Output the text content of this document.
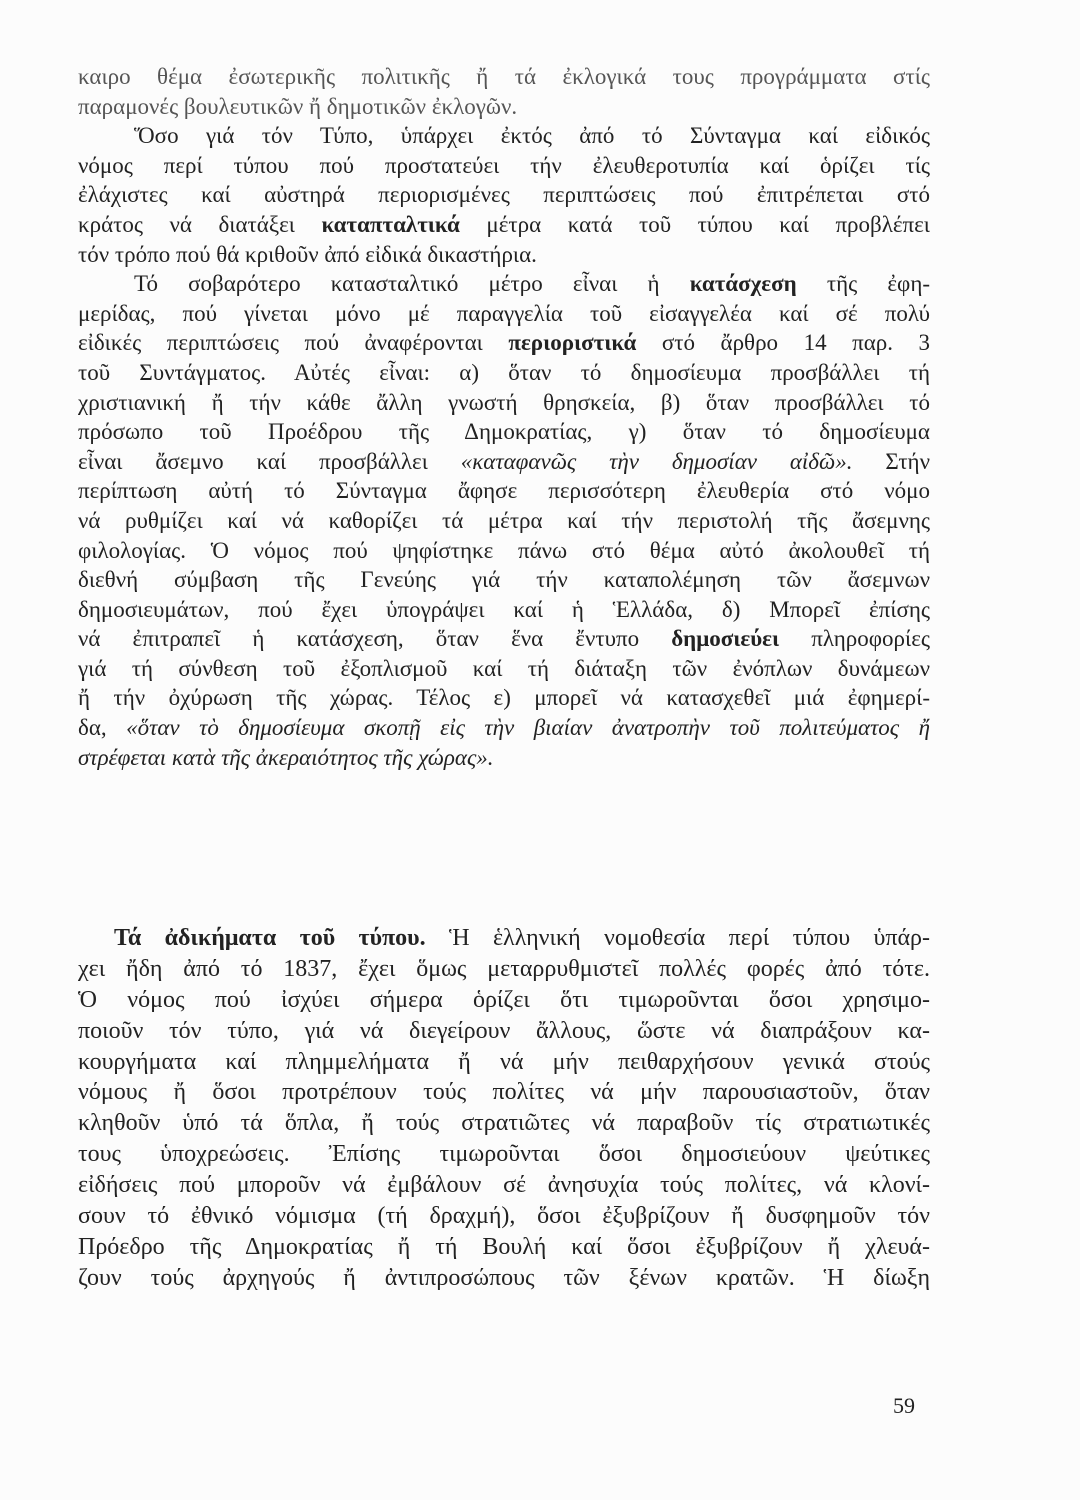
καιρο θέμα ἐσωτερικῆς πολιτικῆς ἤ τά ἐκλογικά τους προγράμματα στίς
παραμονές βουλευτικῶν ἤ δημοτικῶν ἐκλογῶν.
Ὅσο γιά τόν Τύπο, ὑπάρχει ἐκτός ἀπό τό Σύνταγμα καί εἰδικός
νόμος περί τύπου πού προστατεύει τήν ἐλευθεροτυπία καί ὁρίζει τίς
ἐλάχιστες καί αὐστηρά περιορισμένες περιπτώσεις πού ἐπιτρέπεται στό
κράτος νά διατάξει καταπταλτικά μέτρα κατά τοῦ τύπου καί προβλέπει
τόν τρόπο πού θά κριθοῦν ἀπό εἰδικά δικαστήρια.
Τό σοβαρότερο κατασταλτικό μέτρο εἶναι ἡ κατάσχεση τῆς ἐφη-
μερίδας, πού γίνεται μόνο μέ παραγγελία τοῦ εἰσαγγελέα καί σέ πολύ
εἰδικές περιπτώσεις πού ἀναφέρονται περιοριστικά στό ἄρθρο 14 παρ. 3
τοῦ Συντάγματος. Αὐτές εἶναι: α) ὅταν τό δημοσίευμα προσβάλλει τή
χριστιανική ἤ τήν κάθε ἄλλη γνωστή θρησκεία, β) ὅταν προσβάλλει τό
πρόσωπο τοῦ Προέδρου τῆς Δημοκρατίας, γ) ὅταν τό δημοσίευμα
εἶναι ἄσεμνο καί προσβάλλει «καταφανῶς τὴν δημοσίαν αἰδῶ». Στήν
περίπτωση αὐτή τό Σύνταγμα ἄφησε περισσότερη ἐλευθερία στό νόμο
νά ρυθμίζει καί νά καθορίζει τά μέτρα καί τήν περιστολή τῆς ἄσεμνης
φιλολογίας. Ὁ νόμος πού ψηφίστηκε πάνω στό θέμα αὐτό ἀκολουθεῖ τή
διεθνή σύμβαση τῆς Γενεύης γιά τήν καταπολέμηση τῶν ἄσεμνων
δημοσιευμάτων, πού ἔχει ὑπογράψει καί ἡ Ἑλλάδα, δ) Μπορεῖ ἐπίσης
νά ἐπιτραπεῖ ἡ κατάσχεση, ὅταν ἕνα ἔντυπο δημοσιεύει πληροφορίες
γιά τή σύνθεση τοῦ ἐξοπλισμοῦ καί τή διάταξη τῶν ἐνόπλων δυνάμεων
ἤ τήν ὀχύρωση τῆς χώρας. Τέλος ε) μπορεῖ νά κατασχεθεῖ μιά ἐφημερί-
δα, «ὅταν τὸ δημοσίευμα σκοπῇ εἰς τὴν βιαίαν ἀνατροπὴν τοῦ πολιτεύματος ἤ
στρέφεται κατὰ τῆς ἀκεραιότητος τῆς χώρας».
Τά ἀδικήματα τοῦ τύπου. Ἡ ἑλληνική νομοθεσία περί τύπου ὑπάρ-
χει ἤδη ἀπό τό 1837, ἔχει ὅμως μεταρρυθμιστεῖ πολλές φορές ἀπό τότε.
Ὁ νόμος πού ἰσχύει σήμερα ὁρίζει ὅτι τιμωροῦνται ὅσοι χρησιμο-
ποιοῦν τόν τύπο, γιά νά διεγείρουν ἄλλους, ὥστε νά διαπράξουν κα-
κουργήματα καί πλημμελήματα ἤ νά μήν πειθαρχήσουν γενικά στούς
νόμους ἤ ὅσοι προτρέπουν τούς πολίτες νά μήν παρουσιαστοῦν, ὅταν
κληθοῦν ὑπό τά ὅπλα, ἤ τούς στρατιῶτες νά παραβοῦν τίς στρατιωτικές
τους ὑποχρεώσεις. Ἐπίσης τιμωροῦνται ὅσοι δημοσιεύουν ψεύτικες
εἰδήσεις πού μποροῦν νά ἐμβάλουν σέ ἀνησυχία τούς πολίτες, νά κλονί-
σουν τό ἐθνικό νόμισμα (τή δραχμή), ὅσοι ἐξυβρίζουν ἤ δυσφημοῦν τόν
Πρόεδρο τῆς Δημοκρατίας ἤ τή Βουλή καί ὅσοι ἐξυβρίζουν ἤ χλευά-
ζουν τούς ἀρχηγούς ἤ ἀντιπροσώπους τῶν ξένων κρατῶν. Ἡ δίωξη
59
